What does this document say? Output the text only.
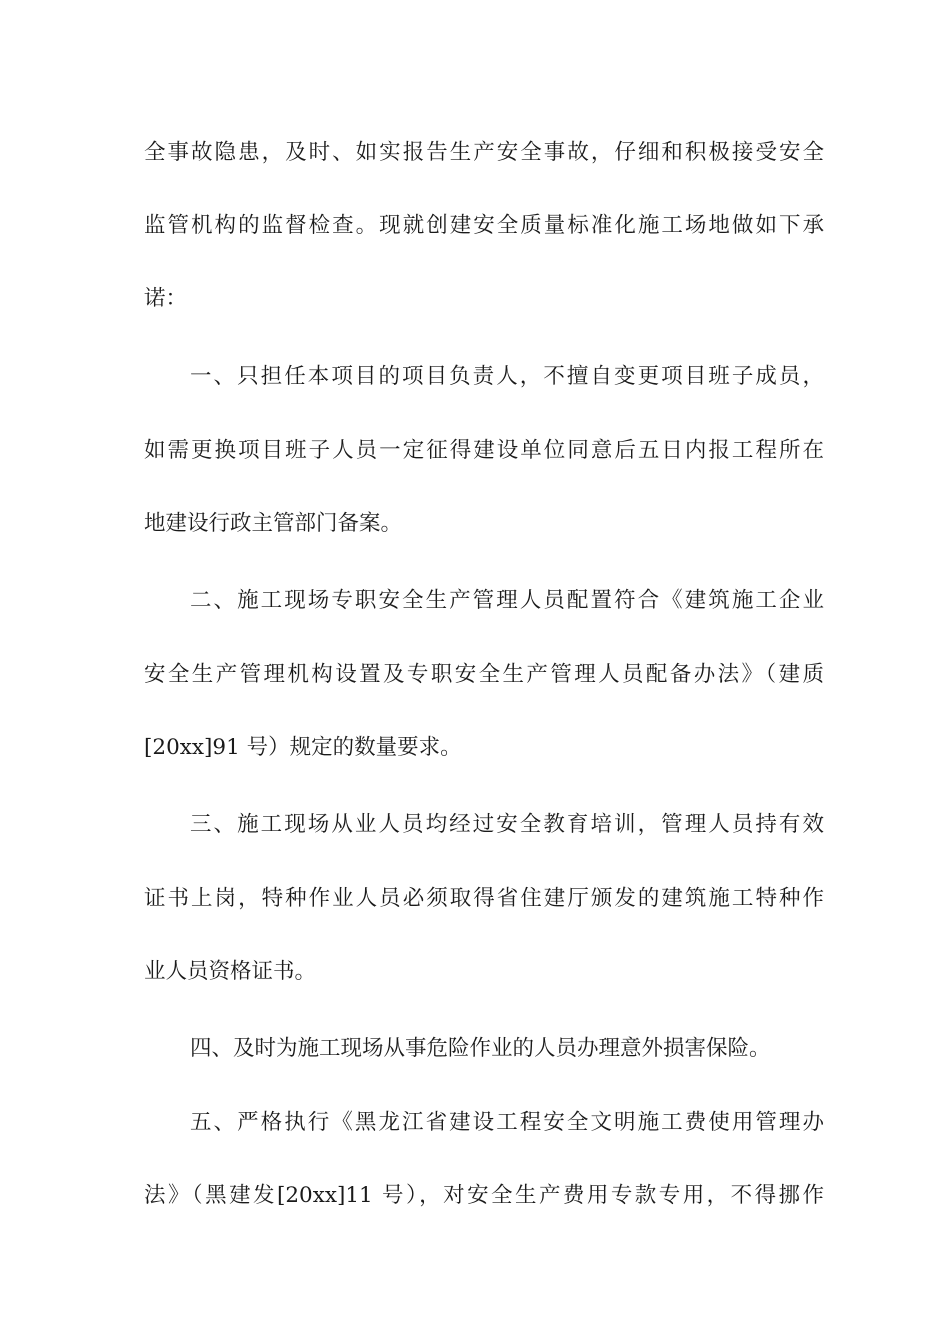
全事故隐患，及时、如实报告生产安全事故，仔细和积极接受安全
监管机构的监督检查。现就创建安全质量标准化施工场地做如下承
诺：
一、只担任本项目的项目负责人，不擅自变更项目班子成员，
如需更换项目班子人员一定征得建设单位同意后五日内报工程所在
地建设行政主管部门备案。
二、施工现场专职安全生产管理人员配置符合《建筑施工企业
安全生产管理机构设置及专职安全生产管理人员配备办法》（建质
[20xx]91 号）规定的数量要求。
三、施工现场从业人员均经过安全教育培训，管理人员持有效
证书上岗，特种作业人员必须取得省住建厅颁发的建筑施工特种作
业人员资格证书。
四、及时为施工现场从事危险作业的人员办理意外损害保险。
五、严格执行《黑龙江省建设工程安全文明施工费使用管理办
法》（黑建发[20xx]11 号），对安全生产费用专款专用，不得挪作
